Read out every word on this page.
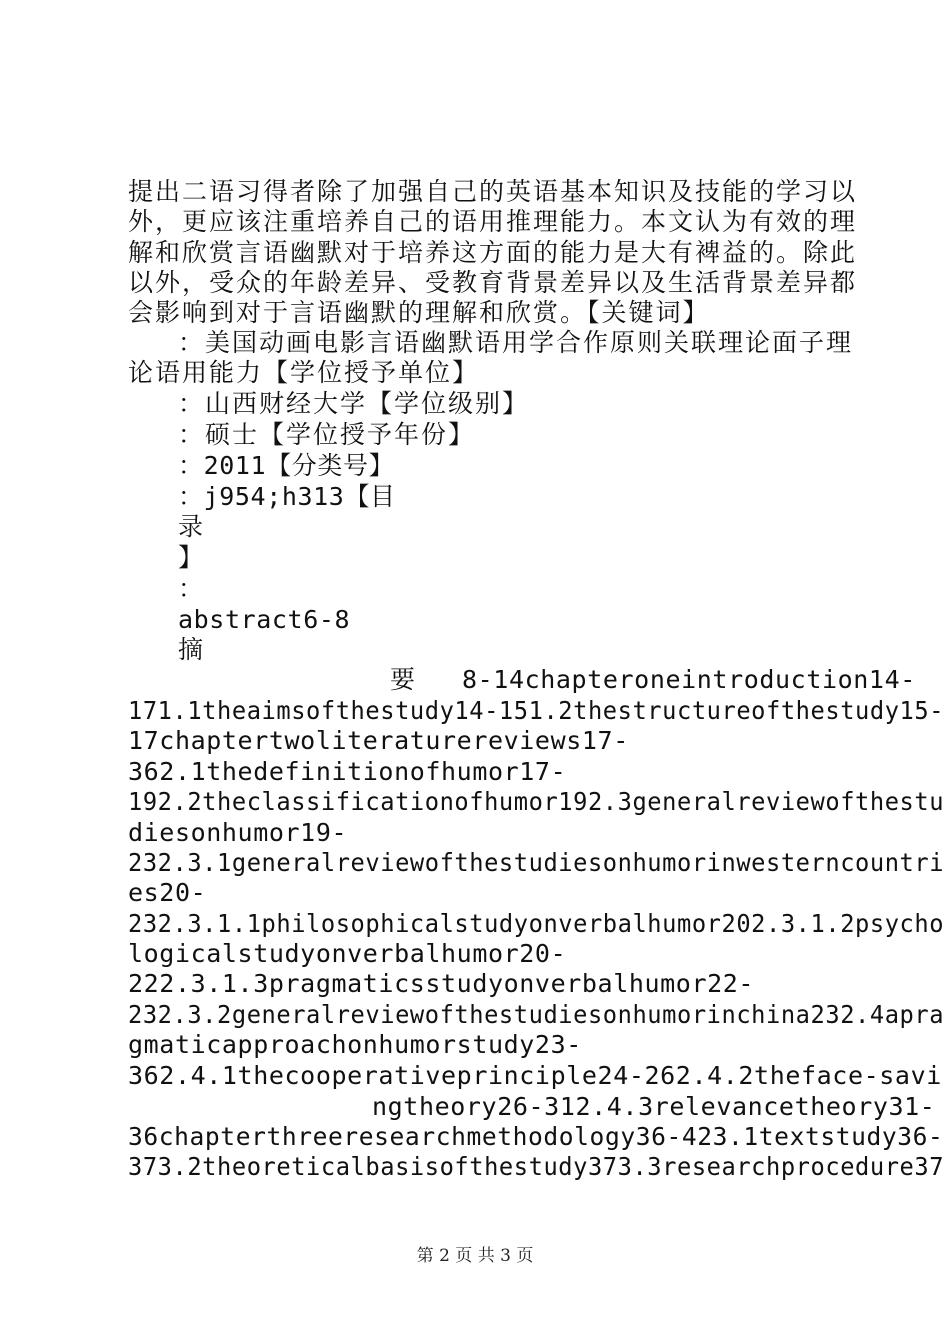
提出二语习得者除了加强自己的英语基本知识及技能的学习以
外，更应该注重培养自己的语用推理能力。本文认为有效的理
解和欣赏言语幽默对于培养这方面的能力是大有裨益的。除此
以外，受众的年龄差异、受教育背景差异以及生活背景差异都
会影响到对于言语幽默的理解和欣赏。【关键词】
：美国动画电影言语幽默语用学合作原则关联理论面子理
论语用能力【学位授予单位】
：山西财经大学【学位级别】
：硕士【学位授予年份】
：2011【分类号】
：j954;h313【目
录
】
：
abstract6-8
摘
要 8-14chapteroneintroduction14-
171.1theaimsofthestudy14-151.2thestructureofthestudy15-
17chaptertwoliteraturereviews17-
362.1thedefinitionofhumor17-
192.2theclassificationofhumor192.3generalreviewofthestu
diesonhumor19-
232.3.1generalreviewofthestudiesonhumorinwesterncountri
es20-
232.3.1.1philosophicalstudyonverbalhumor202.3.1.2psycho
logicalstudyonverbalhumor20-
222.3.1.3pragmaticsstudyonverbalhumor22-
232.3.2generalreviewofthestudiesonhumorinchina232.4apra
gmaticapproachonhumorstudy23-
362.4.1thecooperativeprinciple24-262.4.2theface-savi
ngtheory26-312.4.3relevancetheory31-
36chapterthreeresearchmethodology36-423.1textstudy36-
373.2theoreticalbasisofthestudy373.3researchprocedure37
第 2 页 共 3 页
